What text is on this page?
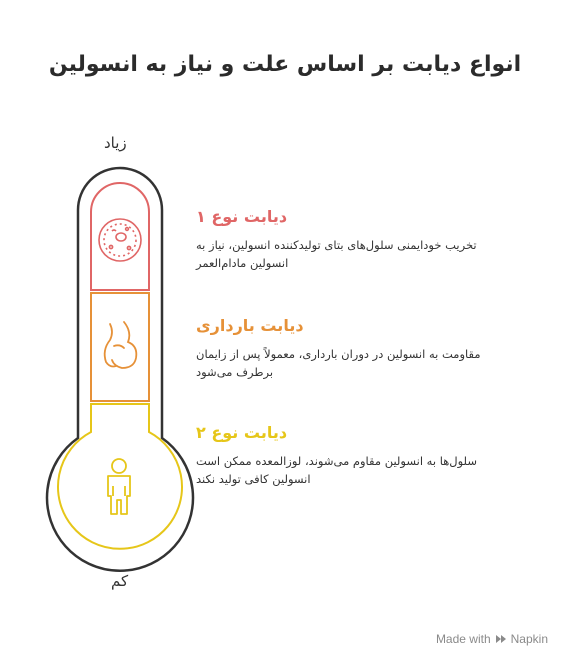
انواع دیابت بر اساس علت و نیاز به انسولین
زیاد
کم
دیابت نوع ۱
تخریب خودایمنی سلول‌های بتای تولیدکننده انسولین، نیاز به انسولین مادام‌العمر
دیابت بارداری
مقاومت به انسولین در دوران بارداری، معمولاً پس از زایمان برطرف می‌شود
دیابت نوع ۲
سلول‌ها به انسولین مقاوم می‌شوند، لوزالمعده ممکن است انسولین کافی تولید نکند
Made with Napkin
